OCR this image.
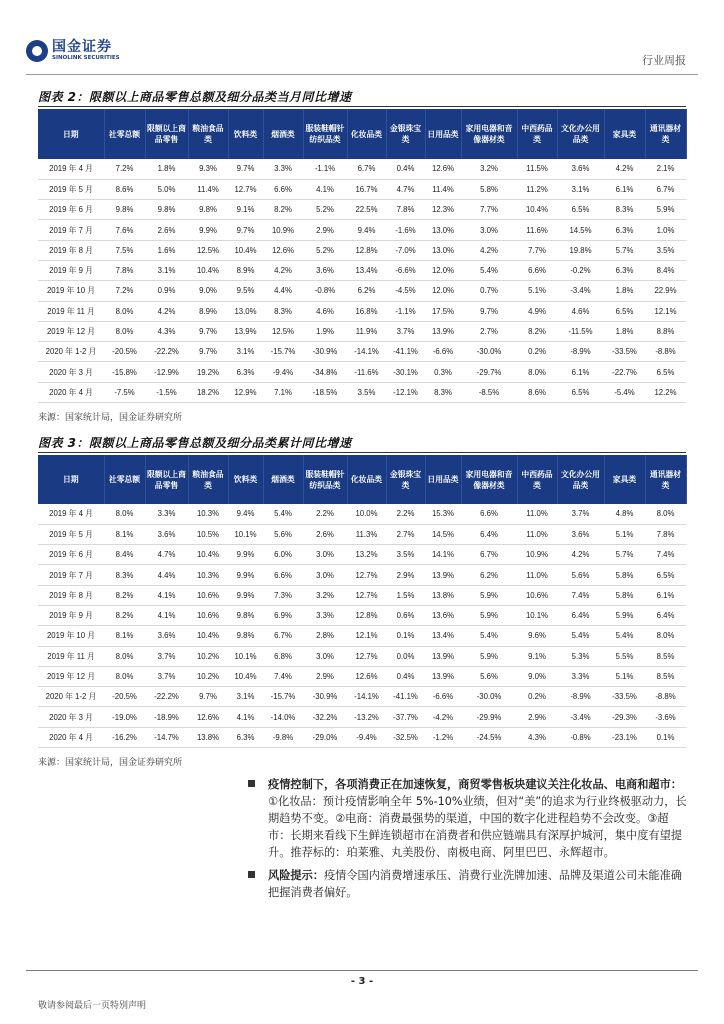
国金证券
SINOLINK SECURITIES	行业周报
图表 2：限额以上商品零售总额及细分品类当月同比增速
日期	社零总额	限额以上商品零售	粮油食品类	饮料类	烟酒类	服装鞋帽针纺织品类	化妆品类	金银珠宝类	日用品类	家用电器和音像器材类	中西药品类	文化办公用品类	家具类	通讯器材类
2019 年 4 月	7.2%	1.8%	9.3%	9.7%	3.3%	-1.1%	6.7%	0.4%	12.6%	3.2%	11.5%	3.6%	4.2%	2.1%
2019 年 5 月	8.6%	5.0%	11.4%	12.7%	6.6%	4.1%	16.7%	4.7%	11.4%	5.8%	11.2%	3.1%	6.1%	6.7%
2019 年 6 月	9.8%	9.8%	9.8%	9.1%	8.2%	5.2%	22.5%	7.8%	12.3%	7.7%	10.4%	6.5%	8.3%	5.9%
2019 年 7 月	7.6%	2.6%	9.9%	9.7%	10.9%	2.9%	9.4%	-1.6%	13.0%	3.0%	11.6%	14.5%	6.3%	1.0%
2019 年 8 月	7.5%	1.6%	12.5%	10.4%	12.6%	5.2%	12.8%	-7.0%	13.0%	4.2%	7.7%	19.8%	5.7%	3.5%
2019 年 9 月	7.8%	3.1%	10.4%	8.9%	4.2%	3.6%	13.4%	-6.6%	12.0%	5.4%	6.6%	-0.2%	6.3%	8.4%
2019 年 10 月	7.2%	0.9%	9.0%	9.5%	4.4%	-0.8%	6.2%	-4.5%	12.0%	0.7%	5.1%	-3.4%	1.8%	22.9%
2019 年 11 月	8.0%	4.2%	8.9%	13.0%	8.3%	4.6%	16.8%	-1.1%	17.5%	9.7%	4.9%	4.6%	6.5%	12.1%
2019 年 12 月	8.0%	4.3%	9.7%	13.9%	12.5%	1.9%	11.9%	3.7%	13.9%	2.7%	8.2%	-11.5%	1.8%	8.8%
2020 年 1-2 月	-20.5%	-22.2%	9.7%	3.1%	-15.7%	-30.9%	-14.1%	-41.1%	-6.6%	-30.0%	0.2%	-8.9%	-33.5%	-8.8%
2020 年 3 月	-15.8%	-12.9%	19.2%	6.3%	-9.4%	-34.8%	-11.6%	-30.1%	0.3%	-29.7%	8.0%	6.1%	-22.7%	6.5%
2020 年 4 月	-7.5%	-1.5%	18.2%	12.9%	7.1%	-18.5%	3.5%	-12.1%	8.3%	-8.5%	8.6%	6.5%	-5.4%	12.2%
来源：国家统计局，国金证券研究所
图表 3：限额以上商品零售总额及细分品类累计同比增速
日期	社零总额	限额以上商品零售	粮油食品类	饮料类	烟酒类	服装鞋帽针纺织品类	化妆品类	金银珠宝类	日用品类	家用电器和音像器材类	中西药品类	文化办公用品类	家具类	通讯器材类
2019 年 4 月	8.0%	3.3%	10.3%	9.4%	5.4%	2.2%	10.0%	2.2%	15.3%	6.6%	11.0%	3.7%	4.8%	8.0%
2019 年 5 月	8.1%	3.6%	10.5%	10.1%	5.6%	2.6%	11.3%	2.7%	14.5%	6.4%	11.0%	3.6%	5.1%	7.8%
2019 年 6 月	8.4%	4.7%	10.4%	9.9%	6.0%	3.0%	13.2%	3.5%	14.1%	6.7%	10.9%	4.2%	5.7%	7.4%
2019 年 7 月	8.3%	4.4%	10.3%	9.9%	6.6%	3.0%	12.7%	2.9%	13.9%	6.2%	11.0%	5.6%	5.8%	6.5%
2019 年 8 月	8.2%	4.1%	10.6%	9.9%	7.3%	3.2%	12.7%	1.5%	13.8%	5.9%	10.6%	7.4%	5.8%	6.1%
2019 年 9 月	8.2%	4.1%	10.6%	9.8%	6.9%	3.3%	12.8%	0.6%	13.6%	5.9%	10.1%	6.4%	5.9%	6.4%
2019 年 10 月	8.1%	3.6%	10.4%	9.8%	6.7%	2.8%	12.1%	0.1%	13.4%	5.4%	9.6%	5.4%	5.4%	8.0%
2019 年 11 月	8.0%	3.7%	10.2%	10.1%	6.8%	3.0%	12.7%	0.0%	13.9%	5.9%	9.1%	5.3%	5.5%	8.5%
2019 年 12 月	8.0%	3.7%	10.2%	10.4%	7.4%	2.9%	12.6%	0.4%	13.9%	5.6%	9.0%	3.3%	5.1%	8.5%
2020 年 1-2 月	-20.5%	-22.2%	9.7%	3.1%	-15.7%	-30.9%	-14.1%	-41.1%	-6.6%	-30.0%	0.2%	-8.9%	-33.5%	-8.8%
2020 年 3 月	-19.0%	-18.9%	12.6%	4.1%	-14.0%	-32.2%	-13.2%	-37.7%	-4.2%	-29.9%	2.9%	-3.4%	-29.3%	-3.6%
2020 年 4 月	-16.2%	-14.7%	13.8%	6.3%	-9.8%	-29.0%	-9.4%	-32.5%	-1.2%	-24.5%	4.3%	-0.8%	-23.1%	0.1%
来源：国家统计局，国金证券研究所
疫情控制下，各项消费正在加速恢复，商贸零售板块建议关注化妆品、电商和超市：①化妆品：预计疫情影响全年 5%-10%业绩，但对“美”的追求为行业终极驱动力，长期趋势不变。②电商：消费最强势的渠道，中国的数字化进程趋势不会改变。③超市：长期来看线下生鲜连锁超市在消费者和供应链端具有深厚护城河，集中度有望提升。推荐标的：珀莱雅、丸美股份、南极电商、阿里巴巴、永辉超市。
风险提示：疫情令国内消费增速承压、消费行业洗牌加速、品牌及渠道公司未能准确把握消费者偏好。
- 3 -
敬请参阅最后一页特别声明
